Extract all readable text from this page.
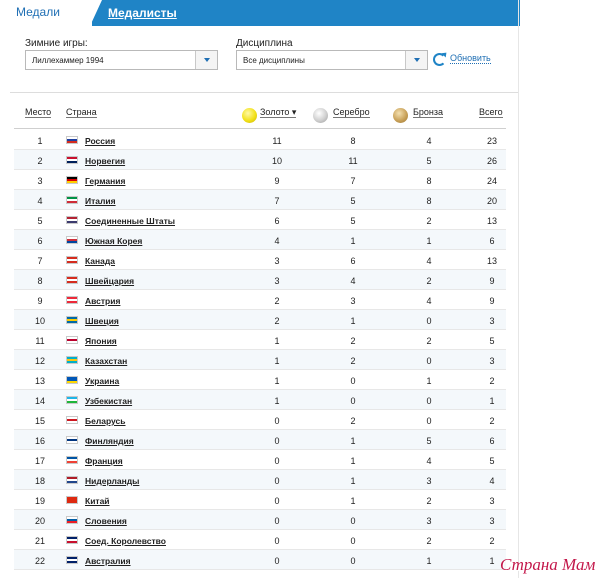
Медали	Медалисты
Зимние игры:
Лиллехаммер 1994
Дисциплина
Все дисциплины	Обновить
Место Страна	Золото ▾	Серебро	Бронза	Всего
1	Россия	11	8	4	23
2	Норвегия	10	11	5	26
3	Германия	9	7	8	24
4	Италия	7	5	8	20
5	Соединенные Штаты	6	5	2	13
6	Южная Корея	4	1	1	6
7	Канада	3	6	4	13
8	Швейцария	3	4	2	9
9	Австрия	2	3	4	9
10	Швеция	2	1	0	3
11	Япония	1	2	2	5
12	Казахстан	1	2	0	3
13	Украина	1	0	1	2
14	Узбекистан	1	0	0	1
15	Беларусь	0	2	0	2
16	Финляндия	0	1	5	6
17	Франция	0	1	4	5
18	Нидерланды	0	1	3	4
19	Китай	0	1	2	3
20	Словения	0	0	3	3
21	Соед. Королевство	0	0	2	2
22	Австралия	0	0	1	1 Страна Мам
